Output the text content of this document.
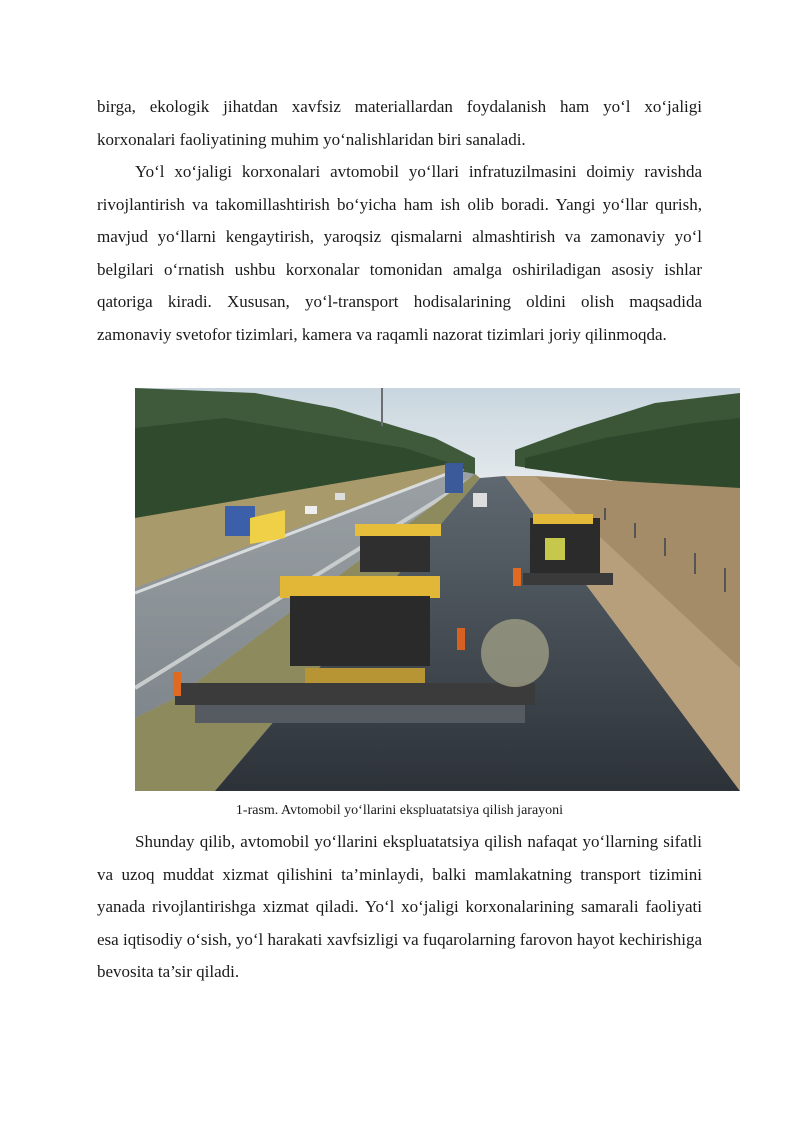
birga, ekologik jihatdan xavfsiz materiallardan foydalanish ham yo‘l xo‘jaligi korxonalari faoliyatining muhim yo‘nalishlaridan biri sanaladi.

Yo‘l xo‘jaligi korxonalari avtomobil yo‘llari infratuzilmasini doimiy ravishda rivojlantirish va takomillashtirish bo‘yicha ham ish olib boradi. Yangi yo‘llar qurish, mavjud yo‘llarni kengaytirish, yaroqsiz qismalarni almashtirish va zamonaviy yo‘l belgilari o‘rnatish ushbu korxonalar tomonidan amalga oshiriladigan asosiy ishlar qatoriga kiradi. Xususan, yo‘l-transport hodisalarining oldini olish maqsadida zamonaviy svetofor tizimlari, kamera va raqamli nazorat tizimlari joriy qilinmoqda.

1-rasm. Avtomobil yo‘llarini ekspluatatsiya qilish jarayoni

Shunday qilib, avtomobil yo‘llarini ekspluatatsiya qilish nafaqat yo‘llarning sifatli va uzoq muddat xizmat qilishini ta’minlaydi, balki mamlakatning transport tizimini yanada rivojlantirishga xizmat qiladi. Yo‘l xo‘jaligi korxonalarining samarali faoliyati esa iqtisodiy o‘sish, yo‘l harakati xavfsizligi va fuqarolarning farovon hayot kechirishiga bevosita ta’sir qiladi.
